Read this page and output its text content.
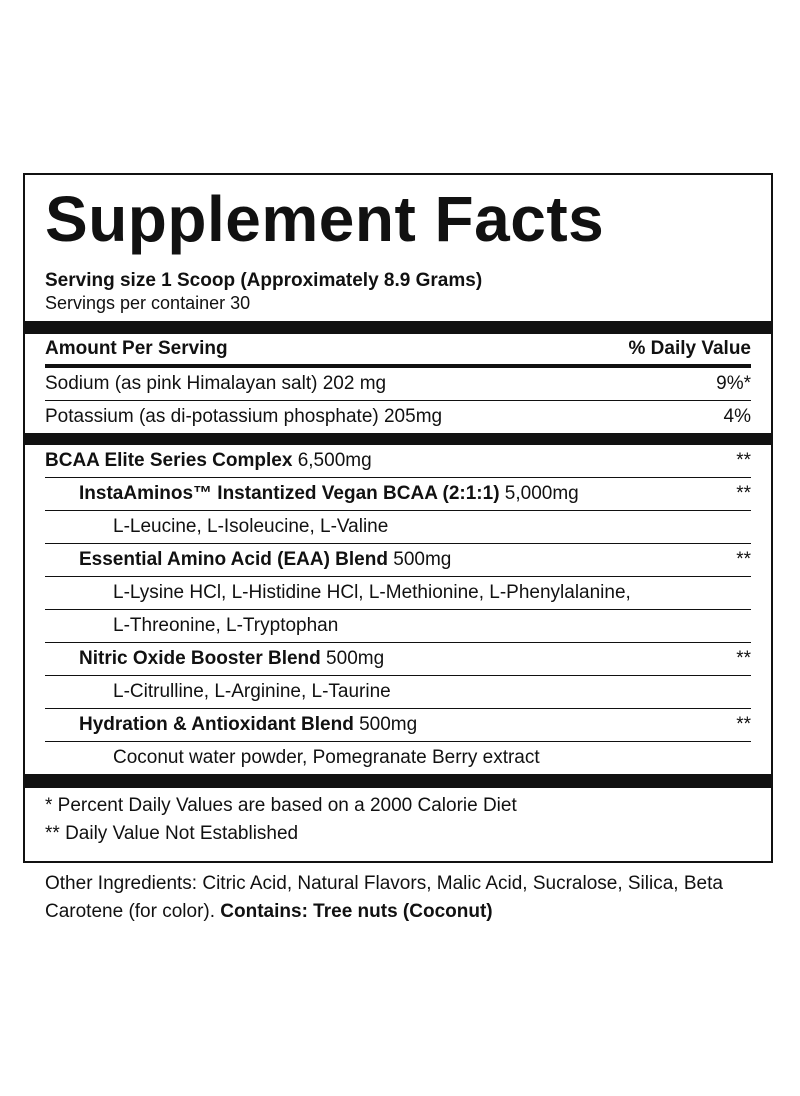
Supplement Facts
Serving size 1 Scoop (Approximately 8.9 Grams)
Servings per container 30
Amount Per Serving	% Daily Value
Sodium (as pink Himalayan salt) 202 mg	9%*
Potassium (as di-potassium phosphate) 205mg	4%
BCAA Elite Series Complex 6,500mg	**
InstaAminos™ Instantized Vegan BCAA (2:1:1) 5,000mg	**
L-Leucine, L-Isoleucine, L-Valine
Essential Amino Acid (EAA) Blend 500mg	**
L-Lysine HCl, L-Histidine HCl, L-Methionine, L-Phenylalanine,
L-Threonine, L-Tryptophan
Nitric Oxide Booster Blend 500mg	**
L-Citrulline, L-Arginine, L-Taurine
Hydration & Antioxidant Blend 500mg	**
Coconut water powder, Pomegranate Berry extract
* Percent Daily Values are based on a 2000 Calorie Diet
** Daily Value Not Established
Other Ingredients: Citric Acid, Natural Flavors, Malic Acid, Sucralose, Silica, Beta Carotene (for color). Contains: Tree nuts (Coconut)
